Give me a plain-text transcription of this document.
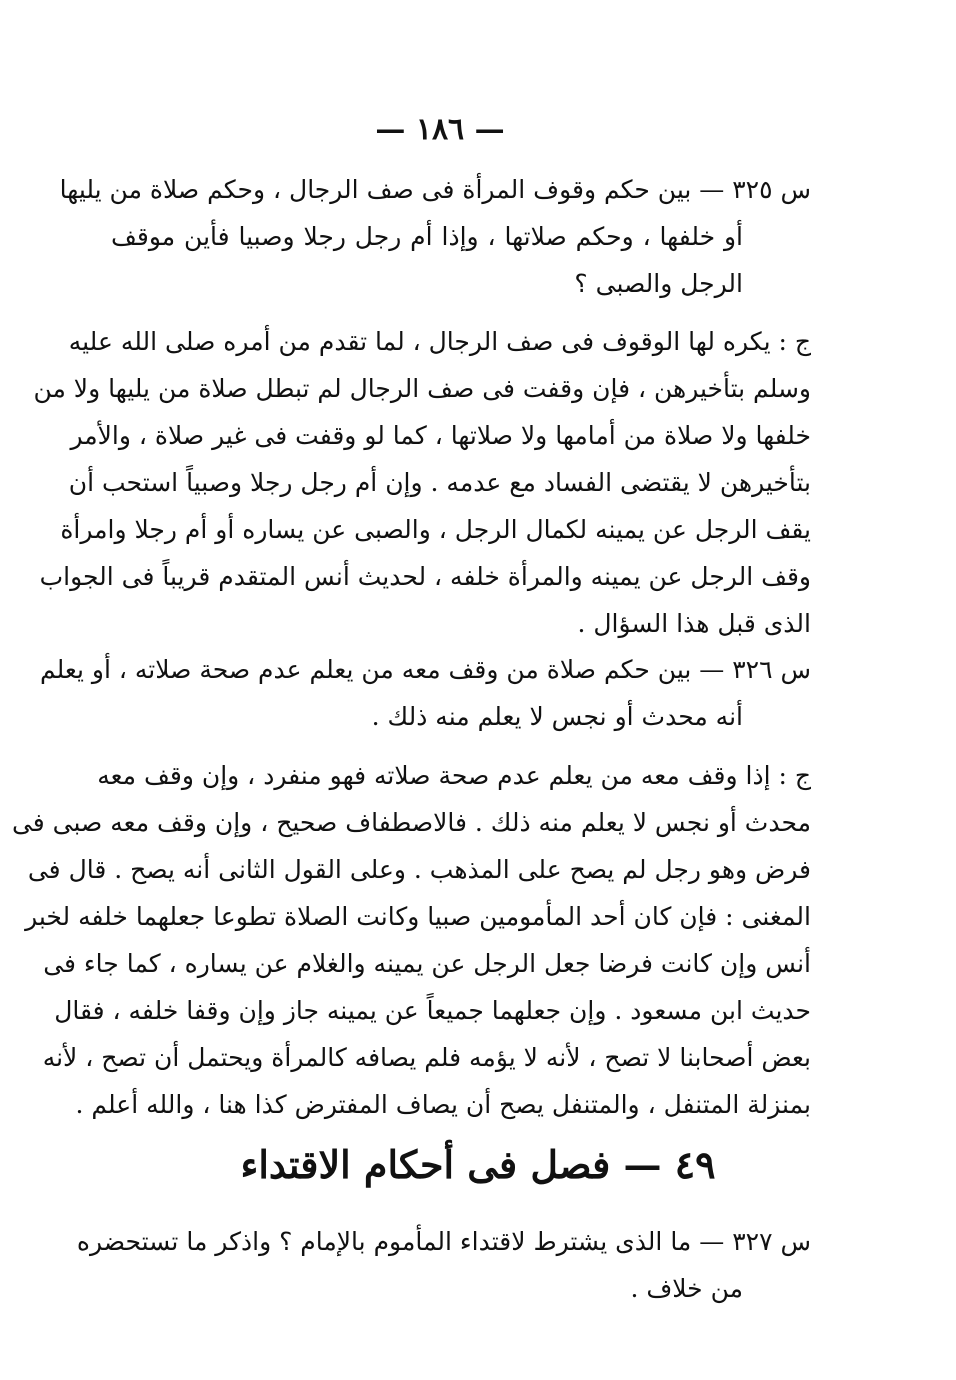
— ١٨٦ —
س ٣٢٥ — بين حكم وقوف المرأة فى صف الرجال ، وحكم صلاة من يليها
أو خلفها ، وحكم صلاتها ، وإذا أم رجل رجلا وصبيا فأين موقف
الرجل والصبى ؟
ج : يكره لها الوقوف فى صف الرجال ، لما تقدم من أمره صلى الله عليه
وسلم بتأخيرهن ، فإن وقفت فى صف الرجال لم تبطل صلاة من يليها ولا من
خلفها ولا صلاة من أمامها ولا صلاتها ، كما لو وقفت فى غير صلاة ، والأمر
بتأخيرهن لا يقتضى الفساد مع عدمه . وإن أم رجل رجلا وصبياً استحب أن
يقف الرجل عن يمينه لكمال الرجل ، والصبى عن يساره أو أم رجلا وامرأة
وقف الرجل عن يمينه والمرأة خلفه ، لحديث أنس المتقدم قريباً فى الجواب
الذى قبل هذا السؤال .
س ٣٢٦ — بين حكم صلاة من وقف معه من يعلم عدم صحة صلاته ، أو يعلم
أنه محدث أو نجس لا يعلم منه ذلك .
ج : إذا وقف معه من يعلم عدم صحة صلاته فهو منفرد ، وإن وقف معه
محدث أو نجس لا يعلم منه ذلك . فالاصطفاف صحيح ، وإن وقف معه صبى فى
فرض وهو رجل لم يصح على المذهب . وعلى القول الثانى أنه يصح . قال فى
المغنى : فإن كان أحد المأمومين صبيا وكانت الصلاة تطوعا جعلهما خلفه لخبر
أنس وإن كانت فرضا جعل الرجل عن يمينه والغلام عن يساره ، كما جاء فى
حديث ابن مسعود . وإن جعلهما جميعاً عن يمينه جاز وإن وقفا خلفه ، فقال
بعض أصحابنا لا تصح ، لأنه لا يؤمه فلم يصافه كالمرأة ويحتمل أن تصح ، لأنه
بمنزلة المتنفل ، والمتنفل يصح أن يصاف المفترض كذا هنا ، والله أعلم .
٤٩ — فصل فى أحكام الاقتداء
س ٣٢٧ — ما الذى يشترط لاقتداء المأموم بالإمام ؟ واذكر ما تستحضره
من خلاف .
